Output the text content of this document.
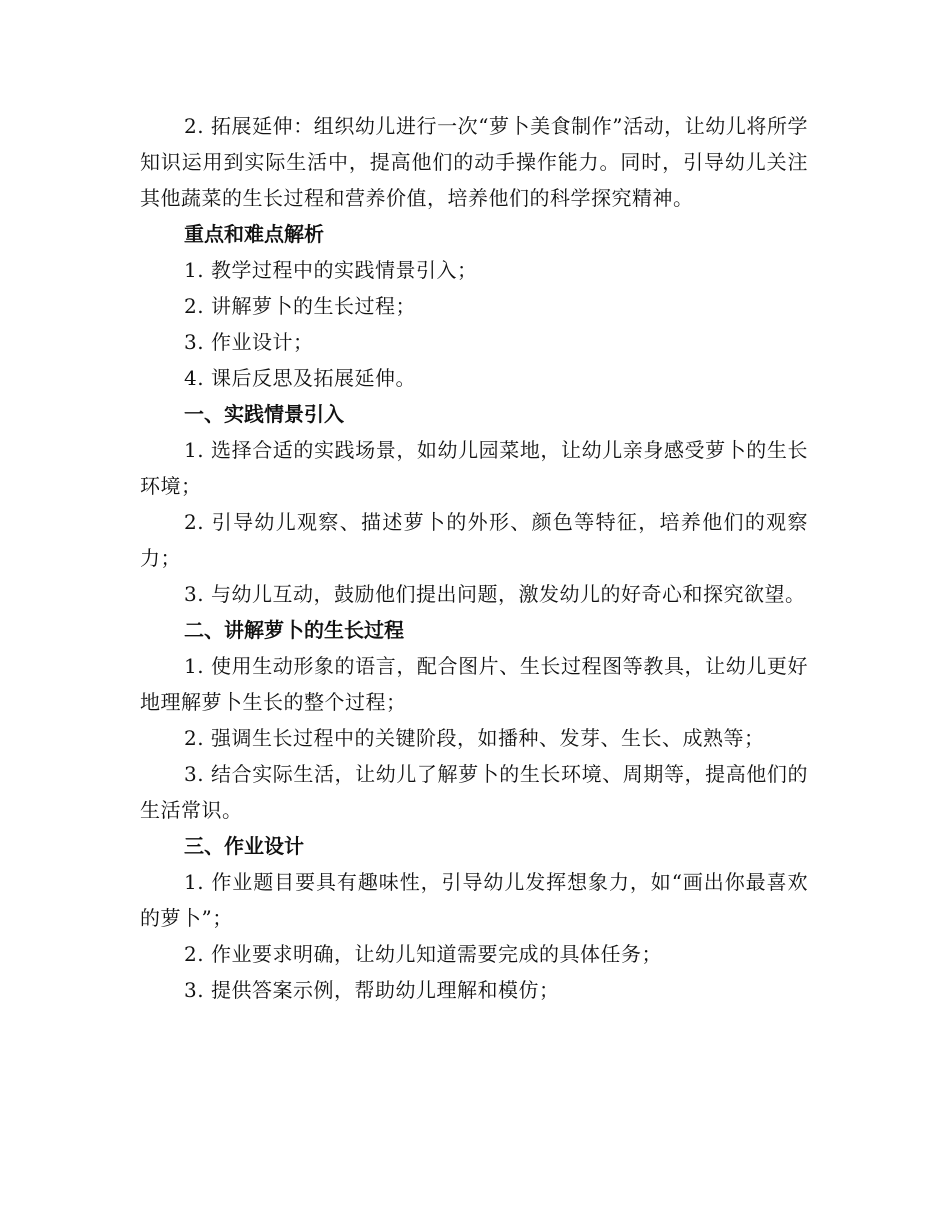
2. 拓展延伸：组织幼儿进行一次“萝卜美食制作”活动，让幼儿将所学知识运用到实际生活中，提高他们的动手操作能力。同时，引导幼儿关注其他蔬菜的生长过程和营养价值，培养他们的科学探究精神。

重点和难点解析

1. 教学过程中的实践情景引入；

2. 讲解萝卜的生长过程；

3. 作业设计；

4. 课后反思及拓展延伸。

一、实践情景引入

1. 选择合适的实践场景，如幼儿园菜地，让幼儿亲身感受萝卜的生长环境；

2. 引导幼儿观察、描述萝卜的外形、颜色等特征，培养他们的观察力；

3. 与幼儿互动，鼓励他们提出问题，激发幼儿的好奇心和探究欲望。

二、讲解萝卜的生长过程

1. 使用生动形象的语言，配合图片、生长过程图等教具，让幼儿更好地理解萝卜生长的整个过程；

2. 强调生长过程中的关键阶段，如播种、发芽、生长、成熟等；

3. 结合实际生活，让幼儿了解萝卜的生长环境、周期等，提高他们的生活常识。

三、作业设计

1. 作业题目要具有趣味性，引导幼儿发挥想象力，如“画出你最喜欢的萝卜”；

2. 作业要求明确，让幼儿知道需要完成的具体任务；

3. 提供答案示例，帮助幼儿理解和模仿；
